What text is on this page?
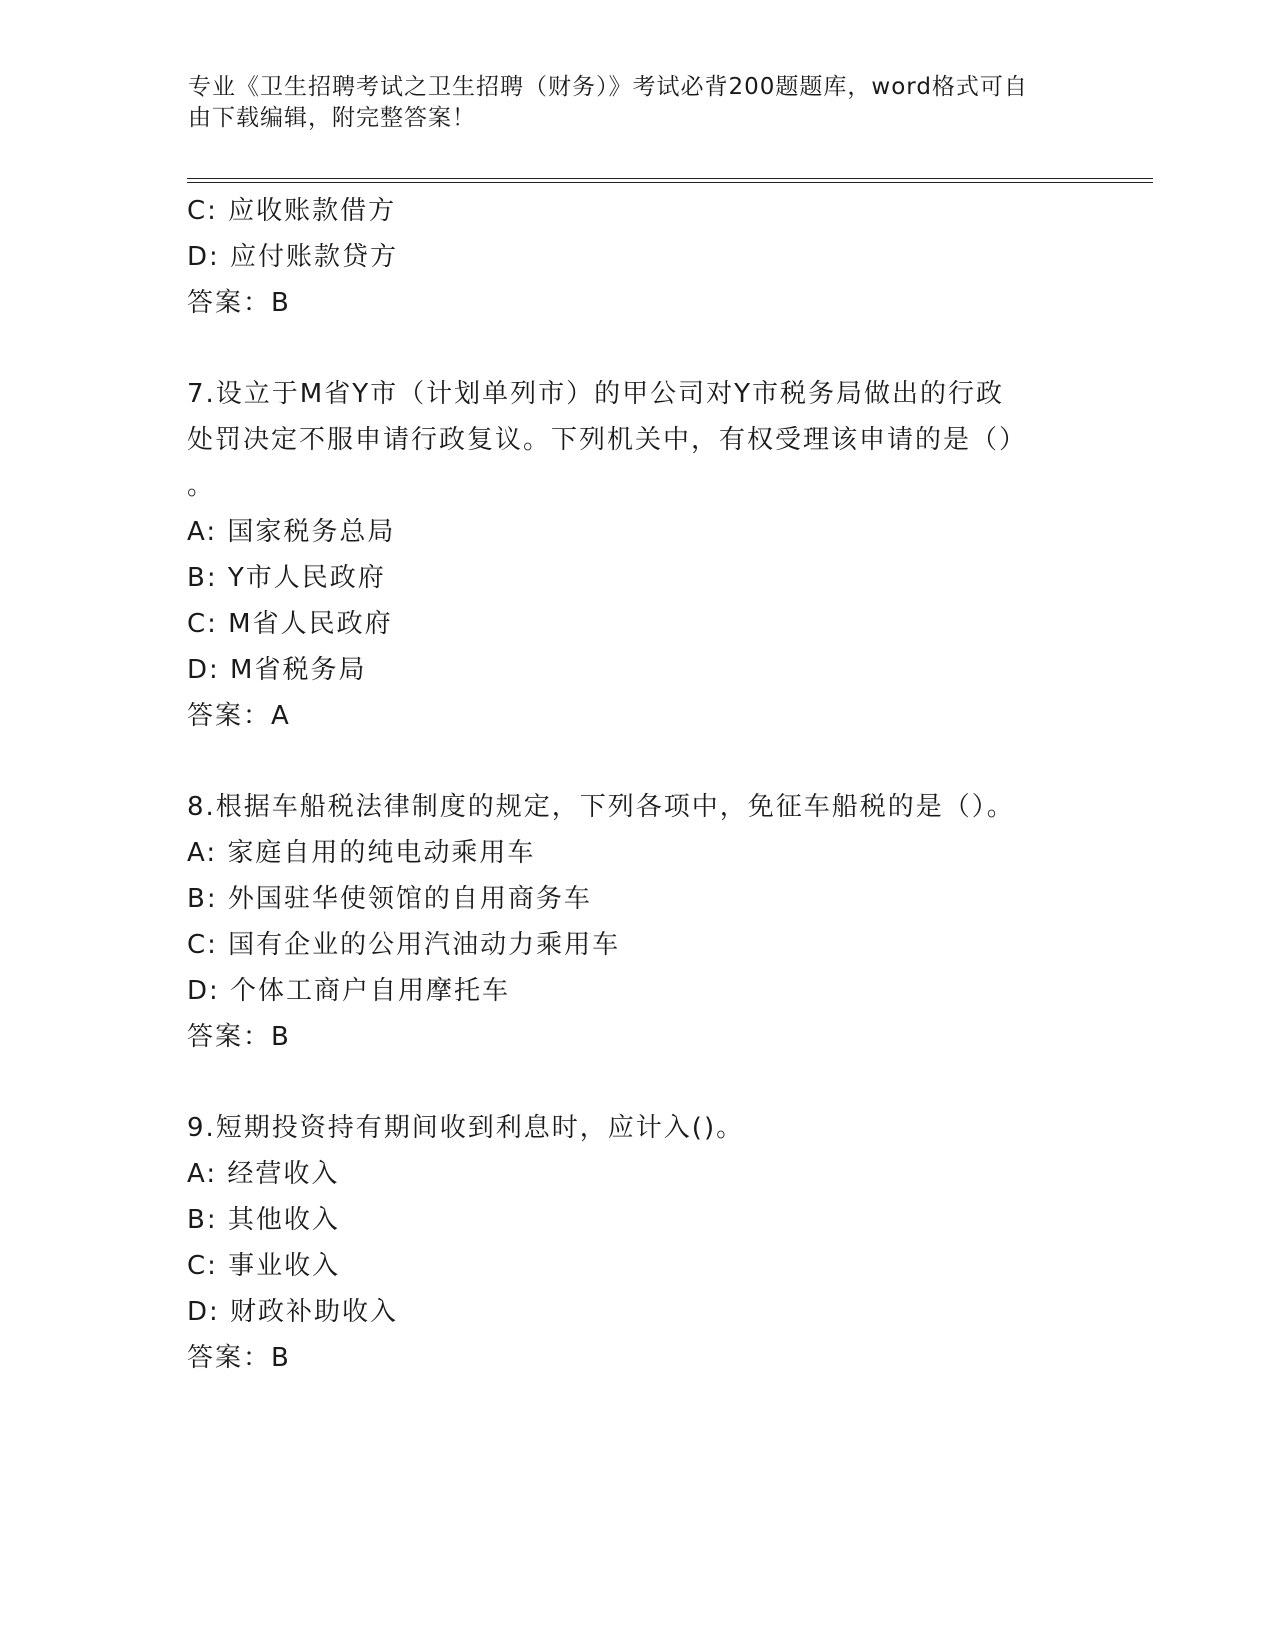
专业《卫生招聘考试之卫生招聘（财务）》考试必背200题题库，word格式可自
由下载编辑，附完整答案！
C: 应收账款借方
D: 应付账款贷方
答案：B
7.设立于M省Y市（计划单列市）的甲公司对Y市税务局做出的行政
处罚决定不服申请行政复议。下列机关中，有权受理该申请的是（）
。
A: 国家税务总局
B: Y市人民政府
C: M省人民政府
D: M省税务局
答案：A
8.根据车船税法律制度的规定，下列各项中，免征车船税的是（）。
A: 家庭自用的纯电动乘用车
B: 外国驻华使领馆的自用商务车
C: 国有企业的公用汽油动力乘用车
D: 个体工商户自用摩托车
答案：B
9.短期投资持有期间收到利息时，应计入()。
A: 经营收入
B: 其他收入
C: 事业收入
D: 财政补助收入
答案：B
